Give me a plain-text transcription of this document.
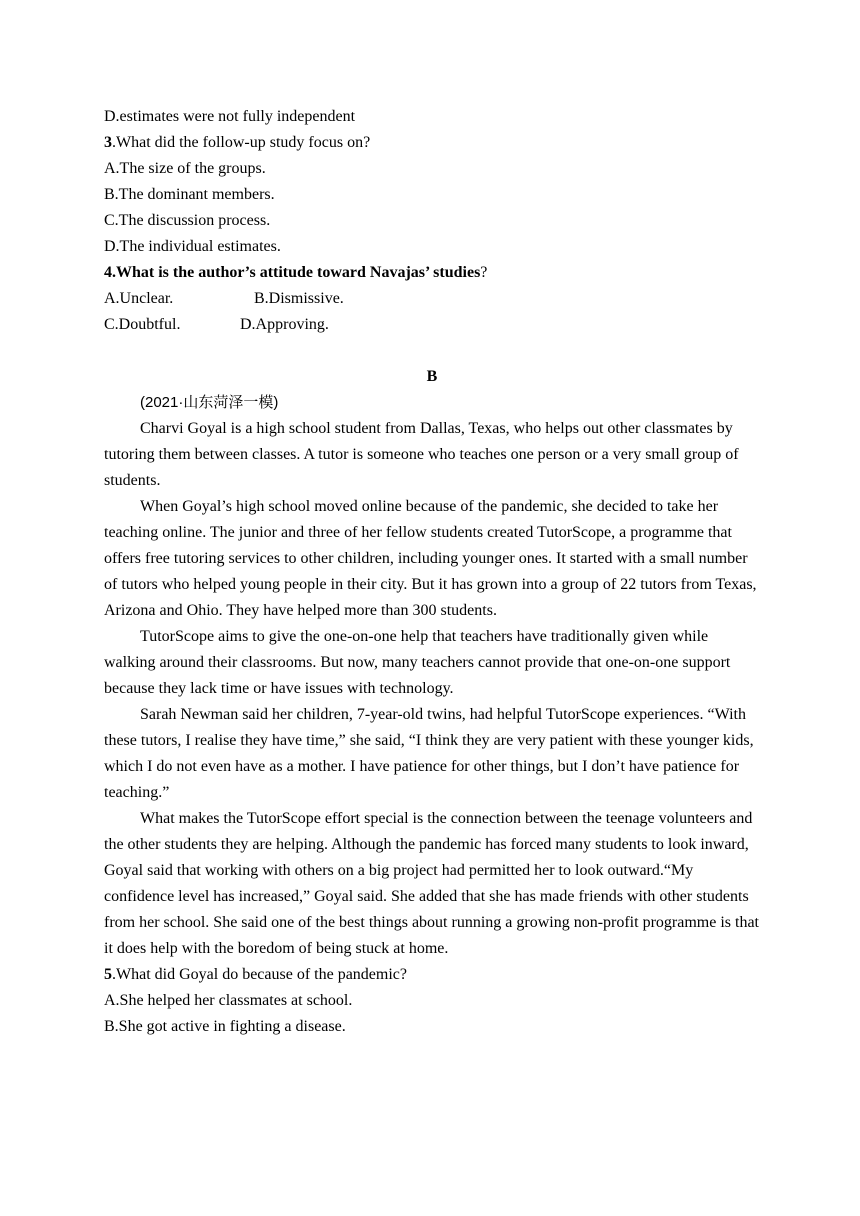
D.estimates were not fully independent

3.What did the follow-up study focus on?

A.The size of the groups.

B.The dominant members.

C.The discussion process.

D.The individual estimates.

4.What is the author’s attitude toward Navajas’ studies?

A.Unclear.	B.Dismissive.
C.Doubtful.	D.Approving.

B

(2021·山东菏泽一模)

Charvi Goyal is a high school student from Dallas, Texas, who helps out other classmates by tutoring them between classes. A tutor is someone who teaches one person or a very small group of students.

When Goyal’s high school moved online because of the pandemic, she decided to take her teaching online. The junior and three of her fellow students created TutorScope, a programme that offers free tutoring services to other children, including younger ones. It started with a small number of tutors who helped young people in their city. But it has grown into a group of 22 tutors from Texas, Arizona and Ohio. They have helped more than 300 students.

TutorScope aims to give the one-on-one help that teachers have traditionally given while walking around their classrooms. But now, many teachers cannot provide that one-on-one support because they lack time or have issues with technology.

Sarah Newman said her children, 7-year-old twins, had helpful TutorScope experiences. “With these tutors, I realise they have time,” she said, “I think they are very patient with these younger kids, which I do not even have as a mother. I have patience for other things, but I don’t have patience for teaching.”

What makes the TutorScope effort special is the connection between the teenage volunteers and the other students they are helping. Although the pandemic has forced many students to look inward, Goyal said that working with others on a big project had permitted her to look outward.“My confidence level has increased,” Goyal said. She added that she has made friends with other students from her school. She said one of the best things about running a growing non-profit programme is that it does help with the boredom of being stuck at home.

5.What did Goyal do because of the pandemic?

A.She helped her classmates at school.

B.She got active in fighting a disease.
